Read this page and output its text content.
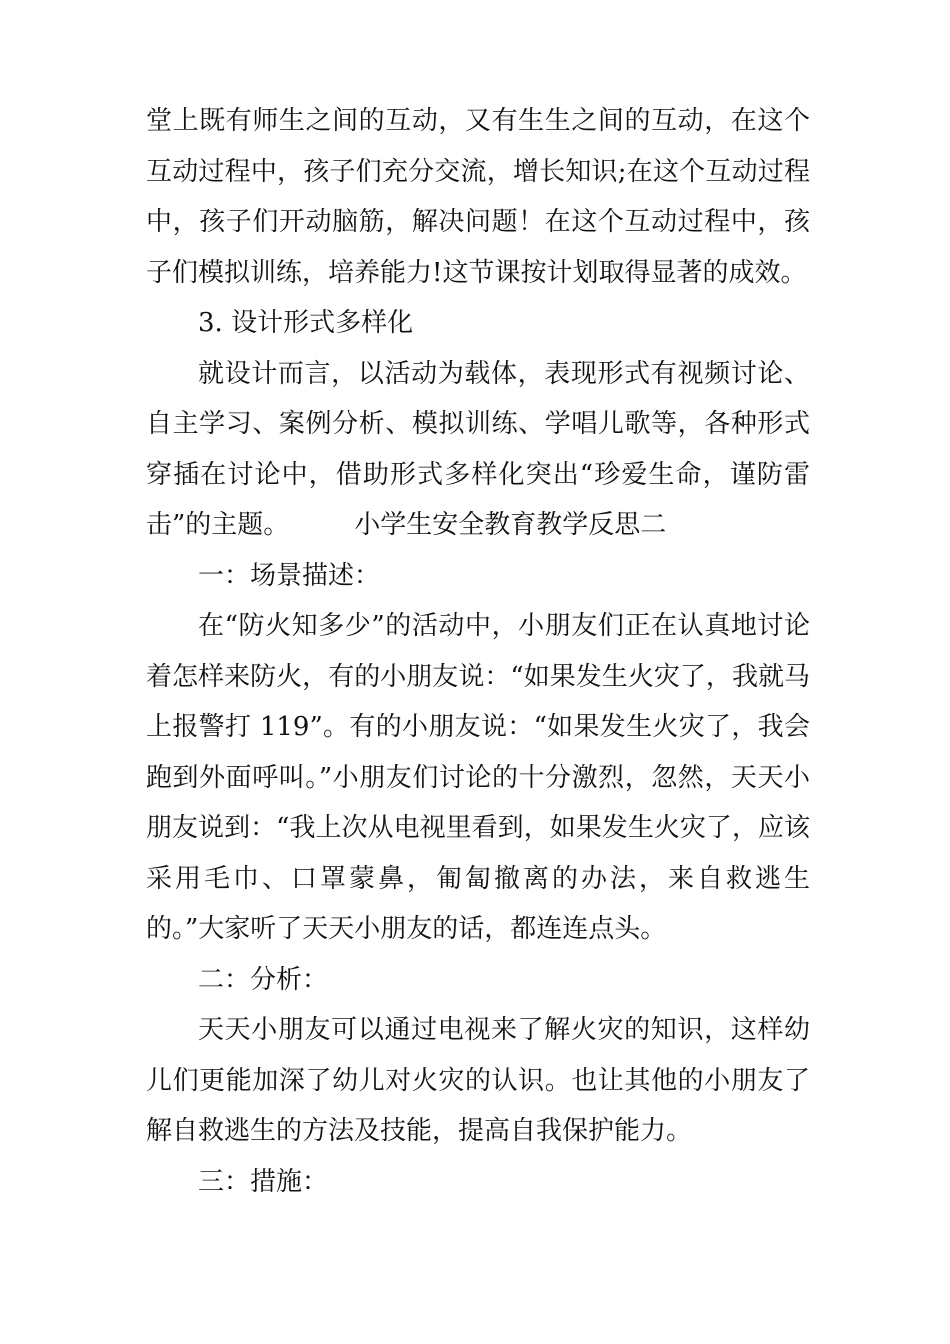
堂上既有师生之间的互动，又有生生之间的互动，在这个互动过程中，孩子们充分交流，增长知识;在这个互动过程中，孩子们开动脑筋，解决问题！在这个互动过程中，孩子们模拟训练，培养能力!这节课按计划取得显著的成效。

3. 设计形式多样化

就设计而言，以活动为载体，表现形式有视频讨论、自主学习、案例分析、模拟训练、学唱儿歌等，各种形式穿插在讨论中，借助形式多样化突出“珍爱生命，谨防雷击”的主题。　　　小学生安全教育教学反思二

一：场景描述：

在“防火知多少”的活动中，小朋友们正在认真地讨论着怎样来防火，有的小朋友说：“如果发生火灾了，我就马上报警打 119”。有的小朋友说：“如果发生火灾了，我会跑到外面呼叫。”小朋友们讨论的十分激烈，忽然，天天小朋友说到：“我上次从电视里看到，如果发生火灾了，应该采用毛巾、口罩蒙鼻，匍匐撤离的办法，来自救逃生的。”大家听了天天小朋友的话，都连连点头。

二：分析：

天天小朋友可以通过电视来了解火灾的知识，这样幼儿们更能加深了幼儿对火灾的认识。也让其他的小朋友了解自救逃生的方法及技能，提高自我保护能力。

三：措施：
